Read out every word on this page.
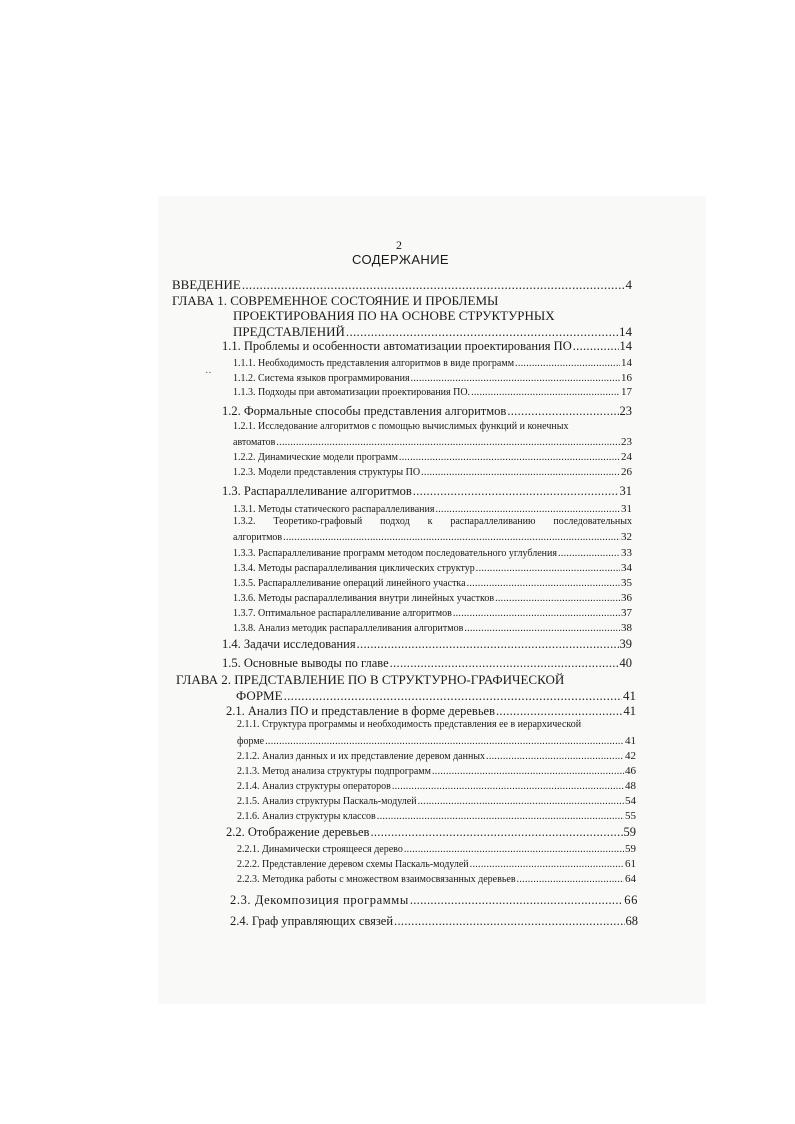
2
СОДЕРЖАНИЕ
··
ВВЕДЕНИЕ .....	4
ГЛАВА 1. СОВРЕМЕННОЕ СОСТОЯНИЕ И ПРОБЛЕМЫ
ПРОЕКТИРОВАНИЯ ПО НА ОСНОВЕ СТРУКТУРНЫХ
ПРЕДСТАВЛЕНИЙ .....	14
1.1. Проблемы и особенности автоматизации проектирования ПО .....	14
1.1.1. Необходимость представления алгоритмов в виде программ .....	14
1.1.2. Система языков программирования .....	16
1.1.3. Подходы при автоматизации проектирования ПО. .....	17
1.2. Формальные способы представления алгоритмов .....	23
1.2.1. Исследование алгоритмов с помощью вычислимых функций и конечных
автоматов .....	23
1.2.2. Динамические модели программ .....	24
1.2.3. Модели представления структуры ПО .....	26
1.3. Распараллеливание алгоритмов .....	31
1.3.1. Методы статического распараллеливания .....	31
1.3.2. Теоретико-графовый подход к распараллеливанию последовательных
алгоритмов .....	32
1.3.3. Распараллеливание программ методом последовательного углубления .....	33
1.3.4. Методы распараллеливания циклических структур .....	34
1.3.5. Распараллеливание операций линейного участка .....	35
1.3.6. Методы распараллеливания внутри линейных участков .....	36
1.3.7. Оптимальное распараллеливание алгоритмов .....	37
1.3.8. Анализ методик распараллеливания алгоритмов .....	38
1.4. Задачи исследования .....	39
1.5. Основные выводы по главе .....	40
ГЛАВА 2. ПРЕДСТАВЛЕНИЕ ПО В СТРУКТУРНО-ГРАФИЧЕСКОЙ
ФОРМЕ .....	41
2.1. Анализ ПО и представление в форме деревьев .....	41
2.1.1. Структура программы и необходимость представления ее в иерархической
форме .....	41
2.1.2. Анализ данных и их представление деревом данных .....	42
2.1.3. Метод анализа структуры подпрограмм .....	46
2.1.4. Анализ структуры операторов .....	48
2.1.5. Анализ структуры Паскаль-модулей .....	54
2.1.6. Анализ структуры классов .....	55
2.2. Отображение деревьев .....	59
2.2.1. Динамически строящееся дерево .....	59
2.2.2. Представление деревом схемы Паскаль-модулей .....	61
2.2.3. Методика работы с множеством взаимосвязанных деревьев .....	64
2.3. Декомпозиция программы .....	66
2.4. Граф управляющих связей .....	68
